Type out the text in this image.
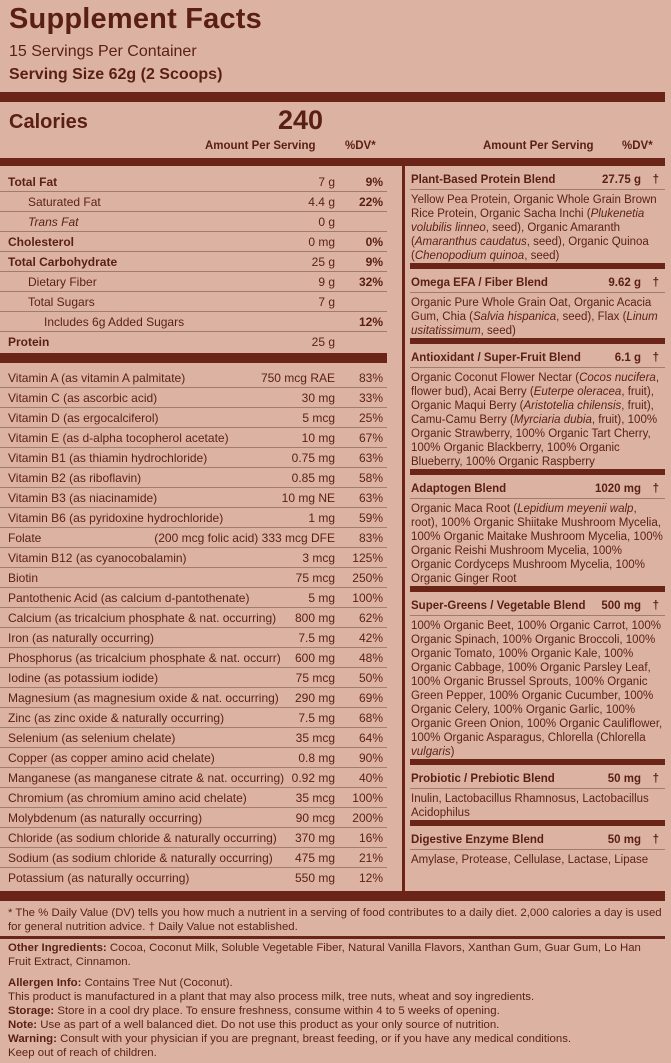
Supplement Facts
15 Servings Per Container
Serving Size 62g (2 Scoops)
Calories	240
Amount Per Serving	%DV*	Amount Per Serving %DV*
Total Fat	7 g	9%
Saturated Fat	4.4 g 22%
Trans Fat	0 g
Cholesterol	0 mg	0%
Total Carbohydrate	25 g	9%
Dietary Fiber	9 g 32%
Total Sugars	7 g
Includes 6g Added Sugars	12%
Protein	25 g
Vitamin A (as vitamin A palmitate)	750 mcg RAE 83%
Vitamin C (as ascorbic acid)	30 mg 33%
Vitamin D (as ergocalciferol)	5 mcg 25%
Vitamin E (as d-alpha tocopherol acetate)	10 mg 67%
Vitamin B1 (as thiamin hydrochloride)	0.75 mg 63%
Vitamin B2 (as riboflavin)	0.85 mg 58%
Vitamin B3 (as niacinamide)	10 mg NE 63%
Vitamin B6 (as pyridoxine hydrochloride)	1 mg 59%
Folate	(200 mcg folic acid) 333 mcg DFE 83%
Vitamin B12 (as cyanocobalamin)	3 mcg 125%
Biotin	75 mcg 250%
Pantothenic Acid (as calcium d-pantothenate)	5 mg 100%
Calcium (as tricalcium phosphate & nat. occurring) 800 mg 62%
Iron (as naturally occurring)	7.5 mg 42%
Phosphorus (as tricalcium phosphate & nat. occurr) 600 mg 48%
Iodine (as potassium iodide)	75 mcg 50%
Magnesium (as magnesium oxide & nat. occurring) 290 mg 69%
Zinc (as zinc oxide & naturally occurring)	7.5 mg 68%
Selenium (as selenium chelate)	35 mcg 64%
Copper (as copper amino acid chelate)	0.8 mg 90%
Manganese (as manganese citrate & nat. occurring) 0.92 mg 40%
Chromium (as chromium amino acid chelate)	35 mcg 100%
Molybdenum (as naturally occurring)	90 mcg 200%
Chloride (as sodium chloride & naturally occurring) 370 mg 16%
Sodium (as sodium chloride & naturally occurring) 475 mg 21%
Potassium (as naturally occurring)	550 mg 12%
Plant-Based Protein Blend	27.75 g †
Yellow Pea Protein, Organic Whole Grain Brown Rice Protein, Organic Sacha Inchi (Plukenetia volubilis linneo, seed), Organic Amaranth (Amaranthus caudatus, seed), Organic Quinoa (Chenopodium quinoa, seed)
Omega EFA / Fiber Blend	9.62 g †
Organic Pure Whole Grain Oat, Organic Acacia Gum, Chia (Salvia hispanica, seed), Flax (Linum usitatissimum, seed)
Antioxidant / Super-Fruit Blend	6.1 g †
Organic Coconut Flower Nectar (Cocos nucifera, flower bud), Acai Berry (Euterpe oleracea, fruit), Organic Maqui Berry (Aristotelia chilensis, fruit), Camu-Camu Berry (Myrciaria dubia, fruit), 100% Organic Strawberry, 100% Organic Tart Cherry, 100% Organic Blackberry, 100% Organic Blueberry, 100% Organic Raspberry
Adaptogen Blend	1020 mg †
Organic Maca Root (Lepidium meyenii walp, root), 100% Organic Shiitake Mushroom Mycelia, 100% Organic Maitake Mushroom Mycelia, 100% Organic Reishi Mushroom Mycelia, 100% Organic Cordyceps Mushroom Mycelia, 100% Organic Ginger Root
Super-Greens / Vegetable Blend 500 mg †
100% Organic Beet, 100% Organic Carrot, 100% Organic Spinach, 100% Organic Broccoli, 100% Organic Tomato, 100% Organic Kale, 100% Organic Cabbage, 100% Organic Parsley Leaf, 100% Organic Brussel Sprouts, 100% Organic Green Pepper, 100% Organic Cucumber, 100% Organic Celery, 100% Organic Garlic, 100% Organic Green Onion, 100% Organic Cauliflower, 100% Organic Asparagus, Chlorella (Chlorella vulgaris)
Probiotic / Prebiotic Blend	50 mg †
Inulin, Lactobacillus Rhamnosus, Lactobacillus Acidophilus
Digestive Enzyme Blend	50 mg †
Amylase, Protease, Cellulase, Lactase, Lipase
* The % Daily Value (DV) tells you how much a nutrient in a serving of food contributes to a daily diet. 2,000 calories a day is used for general nutrition advice. † Daily Value not established.
Other Ingredients: Cocoa, Coconut Milk, Soluble Vegetable Fiber, Natural Vanilla Flavors, Xanthan Gum, Guar Gum, Lo Han Fruit Extract, Cinnamon.
Allergen Info: Contains Tree Nut (Coconut).
This product is manufactured in a plant that may also process milk, tree nuts, wheat and soy ingredients.
Storage: Store in a cool dry place. To ensure freshness, consume within 4 to 5 weeks of opening.
Note: Use as part of a well balanced diet. Do not use this product as your only source of nutrition.
Warning: Consult with your physician if you are pregnant, breast feeding, or if you have any medical conditions.
Keep out of reach of children.
